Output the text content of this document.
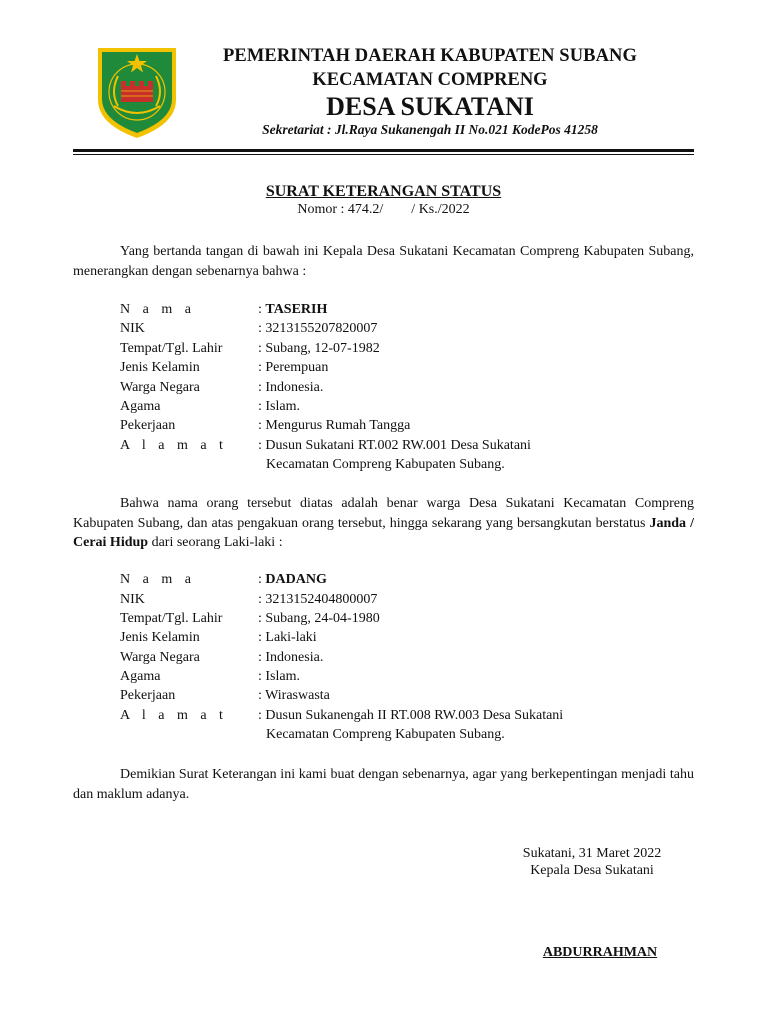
PEMERINTAH DAERAH KABUPATEN SUBANG
KECAMATAN COMPRENG
DESA SUKATANI
Sekretariat : Jl.Raya Sukanengah II No.021 KodePos 41258
SURAT KETERANGAN STATUS
Nomor : 474.2/        / Ks./2022
Yang bertanda tangan di bawah ini Kepala Desa Sukatani Kecamatan Compreng Kabupaten Subang, menerangkan dengan sebenarnya bahwa :
N a m a	: TASERIH
NIK	: 3213155207820007
Tempat/Tgl. Lahir	: Subang, 12-07-1982
Jenis Kelamin	: Perempuan
Warga Negara	: Indonesia.
Agama	: Islam.
Pekerjaan	: Mengurus Rumah Tangga
A l a m a t : Dusun Sukatani RT.002 RW.001 Desa Sukatani
Kecamatan Compreng Kabupaten Subang.
Bahwa nama orang tersebut diatas adalah benar warga Desa Sukatani Kecamatan Compreng Kabupaten Subang, dan atas pengakuan orang tersebut, hingga sekarang yang bersangkutan berstatus Janda / Cerai Hidup dari seorang Laki-laki :
N a m a	: DADANG
NIK	: 3213152404800007
Tempat/Tgl. Lahir	: Subang, 24-04-1980
Jenis Kelamin	: Laki-laki
Warga Negara	: Indonesia.
Agama	: Islam.
Pekerjaan	: Wiraswasta
A l a m a t : Dusun Sukanengah II RT.008 RW.003 Desa Sukatani
Kecamatan Compreng Kabupaten Subang.
Demikian Surat Keterangan ini kami buat dengan sebenarnya, agar yang berkepentingan menjadi tahu dan maklum adanya.
Sukatani, 31 Maret 2022
Kepala Desa Sukatani
ABDURRAHMAN
